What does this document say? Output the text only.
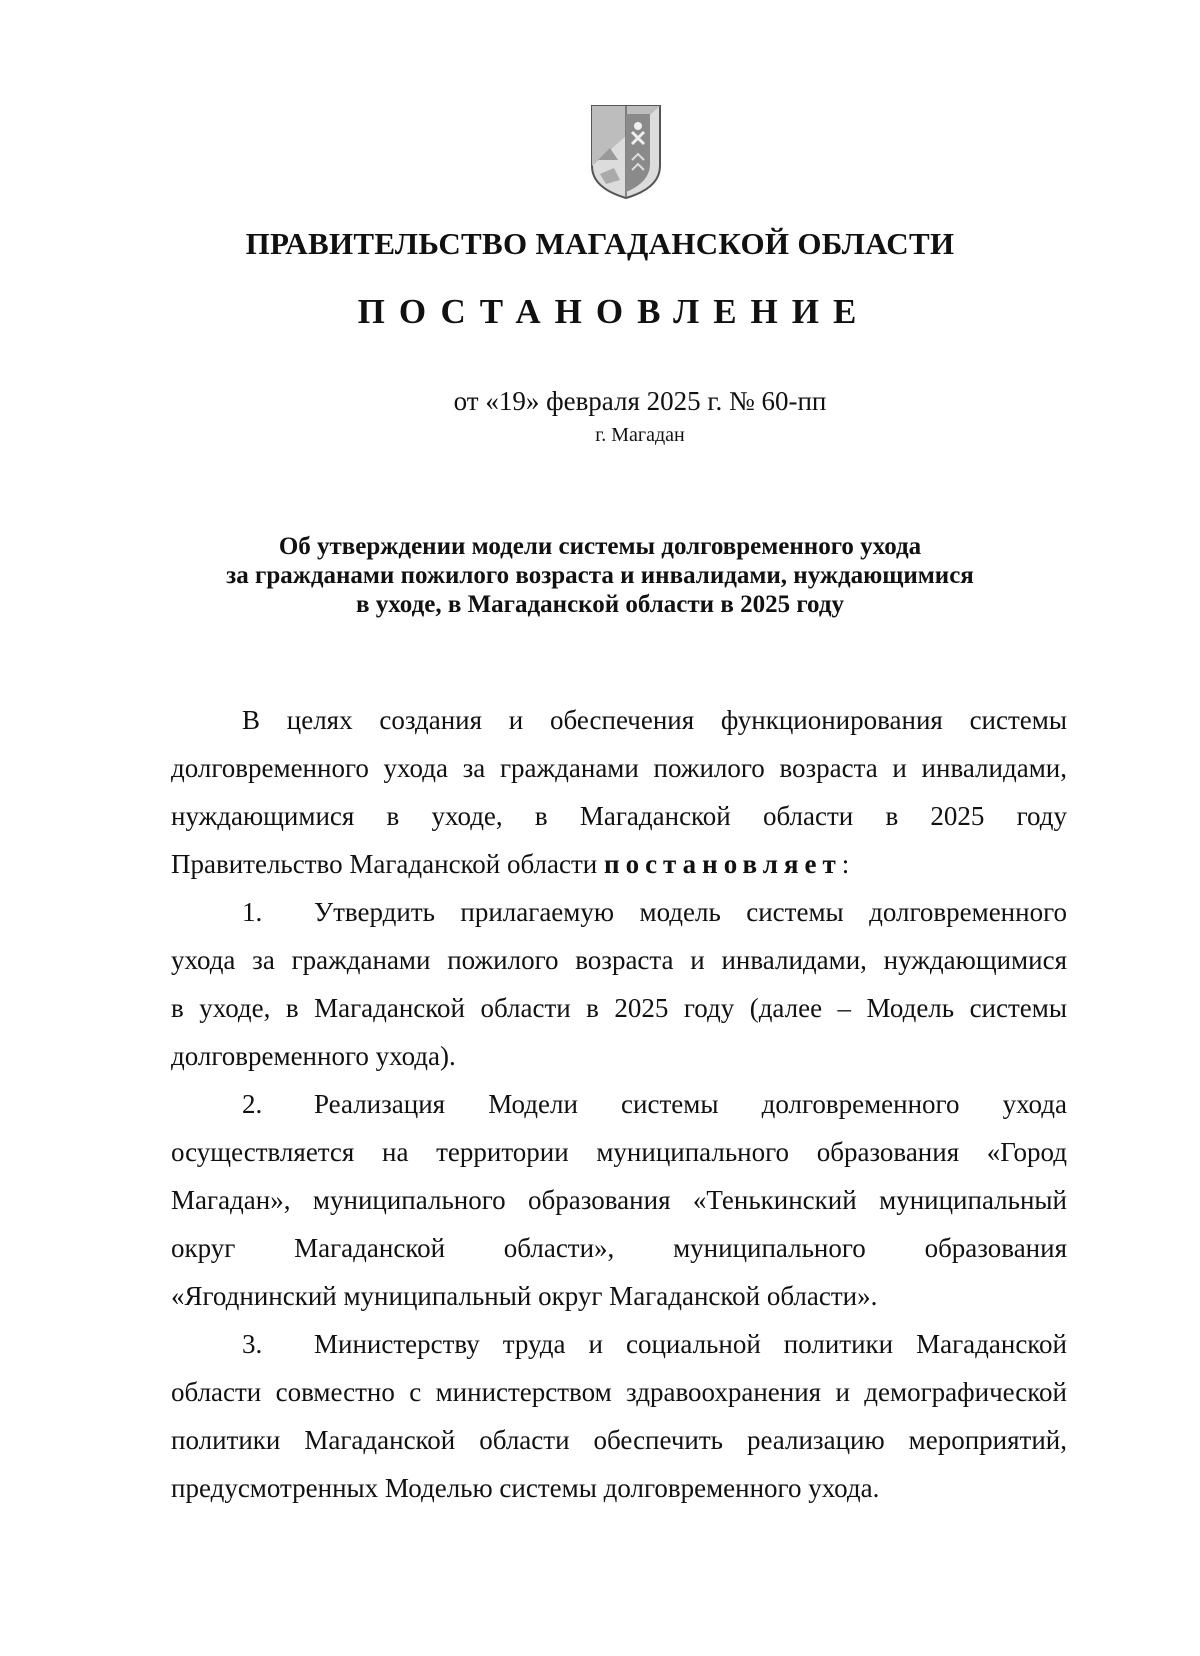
ПРАВИТЕЛЬСТВО МАГАДАНСКОЙ ОБЛАСТИ

ПОСТАНОВЛЕНИЕ

от «19» февраля 2025 г. № 60-пп

г. Магадан

Об утверждении модели системы долговременного ухода
за гражданами пожилого возраста и инвалидами, нуждающимися
в уходе, в Магаданской области в 2025 году
В целях создания и обеспечения функционирования системы
долговременного ухода за гражданами пожилого возраста и инвалидами,
нуждающимися в уходе, в Магаданской области в 2025 году
Правительство Магаданской области постановляет:
1. Утвердить прилагаемую модель системы долговременного
ухода за гражданами пожилого возраста и инвалидами, нуждающимися
в уходе, в Магаданской области в 2025 году (далее – Модель системы
долговременного ухода).
2. Реализация Модели системы долговременного ухода
осуществляется на территории муниципального образования «Город
Магадан», муниципального образования «Тенькинский муниципальный
округ Магаданской области», муниципального образования
«Ягоднинский муниципальный округ Магаданской области».
3. Министерству труда и социальной политики Магаданской
области совместно с министерством здравоохранения и демографической
политики Магаданской области обеспечить реализацию мероприятий,
предусмотренных Моделью системы долговременного ухода.
